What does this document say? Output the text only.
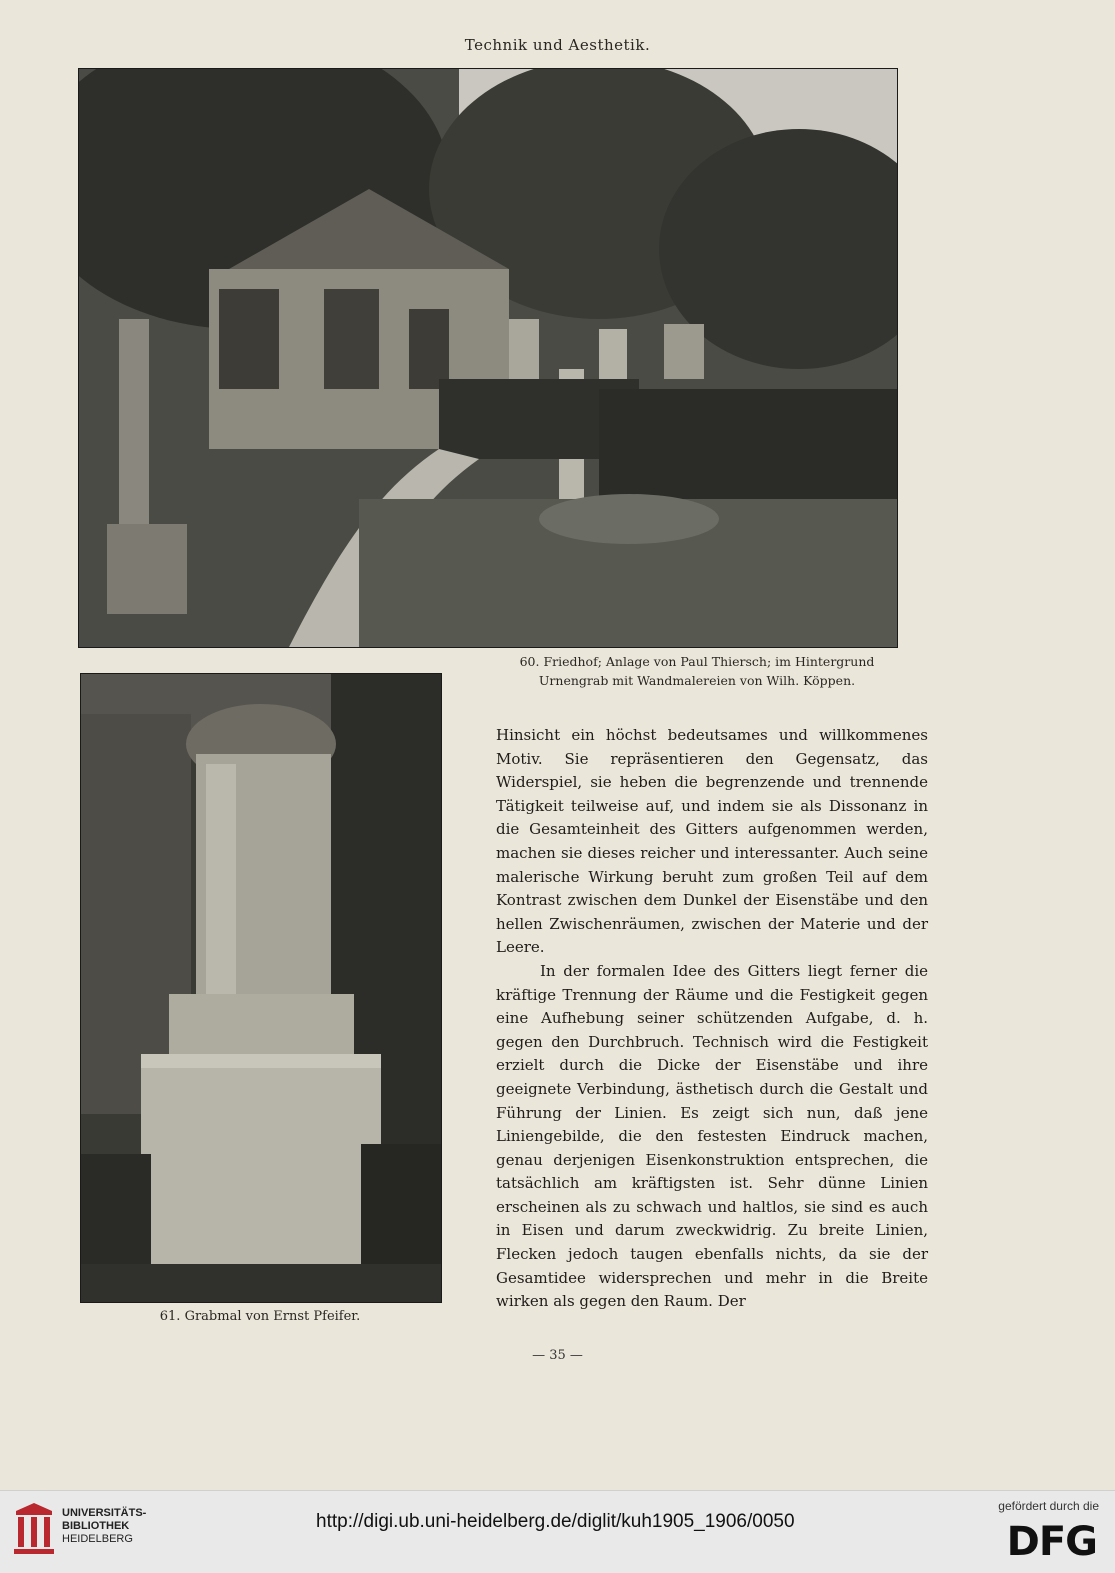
Technik und Aesthetik.
60. Friedhof; Anlage von Paul Thiersch; im Hintergrund
Urnengrab mit Wandmalereien von Wilh. Köppen.
61. Grabmal von Ernst Pfeifer.

Hinsicht ein höchst bedeutsames und willkommenes Motiv. Sie repräsentieren den Gegensatz, das Widerspiel, sie heben die begrenzende und trennende Tätigkeit teilweise auf, und indem sie als Dissonanz in die Gesamteinheit des Gitters aufgenommen werden, machen sie dieses reicher und interessanter. Auch seine malerische Wirkung beruht zum großen Teil auf dem Kontrast zwischen dem Dunkel der Eisenstäbe und den hellen Zwischenräumen, zwischen der Materie und der Leere.

In der formalen Idee des Gitters liegt ferner die kräftige Trennung der Räume und die Festigkeit gegen eine Aufhebung seiner schützenden Aufgabe, d. h. gegen den Durchbruch. Technisch wird die Festigkeit erzielt durch die Dicke der Eisenstäbe und ihre geeignete Verbindung, ästhetisch durch die Gestalt und Führung der Linien. Es zeigt sich nun, daß jene Liniengebilde, die den festesten Eindruck machen, genau derjenigen Eisenkonstruktion entsprechen, die tatsächlich am kräftigsten ist. Sehr dünne Linien erscheinen als zu schwach und haltlos, sie sind es auch in Eisen und darum zweckwidrig. Zu breite Linien, Flecken jedoch taugen ebenfalls nichts, da sie der Gesamtidee widersprechen und mehr in die Breite wirken als gegen den Raum. Der

— 35 —
UNIVERSITÄTS-
BIBLIOTHEK
HEIDELBERG
http://digi.ub.uni-heidelberg.de/diglit/kuh1905_1906/0050
gefördert durch die
DFG
